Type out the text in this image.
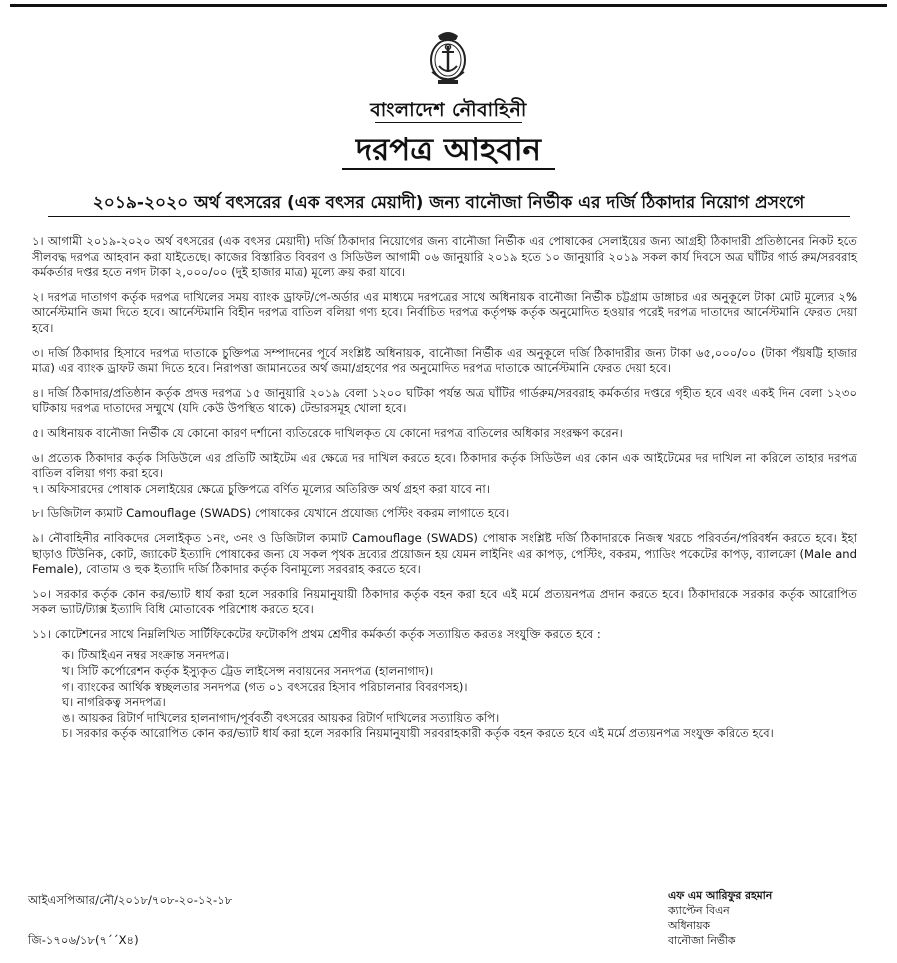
বাংলাদেশ নৌবাহিনী
দরপত্র আহবান
২০১৯-২০২০ অর্থ বৎসরের (এক বৎসর মেয়াদী) জন্য বানৌজা নির্ভীক এর দর্জি ঠিকাদার নিয়োগ প্রসংগে

১। আগামী ২০১৯-২০২০ অর্থ বৎসরের (এক বৎসর মেয়াদী) দর্জি ঠিকাদার নিয়োগের জন্য বানৌজা নির্ভীক এর পোষাকের সেলাইয়ের জন্য আগ্রহী ঠিকাদারী প্রতিষ্ঠানের নিকট হতে সীলবদ্ধ দরপত্র আহবান করা যাইতেছে। কাজের বিস্তারিত বিবরণ ও সিডিউল আগামী ০৬ জানুয়ারি ২০১৯ হতে ১০ জানুয়ারি ২০১৯ সকল কার্য দিবসে অত্র ঘাঁটির গার্ড রুম/সরবরাহ কর্মকর্তার দপ্তর হতে নগদ টাকা ২,০০০/০০ (দুই হাজার মাত্র) মূল্যে ক্রয় করা যাবে।

২। দরপত্র দাতাগণ কর্তৃক দরপত্র দাখিলের সময় ব্যাংক ড্রাফট/পে-অর্ডার এর মাধ্যমে দরপত্রের সাথে অধিনায়ক বানৌজা নির্ভীক চট্টগ্রাম ডাঙ্গাচর এর অনুকূলে টাকা মোট মূল্যের ২% আর্নেস্টমানি জমা দিতে হবে। আর্নেস্টমানি বিহীন দরপত্র বাতিল বলিয়া গণ্য হবে। নির্বাচিত দরপত্র কর্তৃপক্ষ কর্তৃক অনুমোদিত হওয়ার পরেই দরপত্র দাতাদের আর্নেস্টমানি ফেরত দেয়া হবে।

৩। দর্জি ঠিকাদার হিসাবে দরপত্র দাতাকে চুক্তিপত্র সম্পাদনের পূর্বে সংশ্লিষ্ট অধিনায়ক, বানৌজা নির্ভীক এর অনুকূলে দর্জি ঠিকাদারীর জন্য টাকা ৬৫,০০০/০০ (টাকা পঁয়ষট্টি হাজার মাত্র) এর ব্যাংক ড্রাফট জমা দিতে হবে। নিরাপত্তা জামানতের অর্থ জমা/গ্রহণের পর অনুমোদিত দরপত্র দাতাকে আর্নেস্টমানি ফেরত দেয়া হবে।

৪। দর্জি ঠিকাদার/প্রতিষ্ঠান কর্তৃক প্রদত্ত দরপত্র ১৫ জানুয়ারি ২০১৯ বেলা ১২০০ ঘটিকা পর্যন্ত অত্র ঘাঁটির গার্ডরুম/সরবরাহ কর্মকর্তার দপ্তরে গৃহীত হবে এবং একই দিন বেলা ১২৩০ ঘটিকায় দরপত্র দাতাদের সম্মুখে (যদি কেউ উপস্থিত থাকে) টেন্ডারসমূহ খোলা হবে।

৫। অধিনায়ক বানৌজা নির্ভীক যে কোনো কারণ দর্শানো ব্যতিরেকে দাখিলকৃত যে কোনো দরপত্র বাতিলের অধিকার সংরক্ষণ করেন।

৬। প্রত্যেক ঠিকাদার কর্তৃক সিডিউলে এর প্রতিটি আইটেম এর ক্ষেত্রে দর দাখিল করতে হবে। ঠিকাদার কর্তৃক সিডিউল এর কোন এক আইটেমের দর দাখিল না করিলে তাহার দরপত্র বাতিল বলিয়া গণ্য করা হবে।

৭। অফিসারদের পোষাক সেলাইয়ের ক্ষেত্রে চুক্তিপত্রে বর্ণিত মূল্যের অতিরিক্ত অর্থ গ্রহণ করা যাবে না।

৮। ডিজিটাল ক্যমাট Camouflage (SWADS) পোষাকের যেখানে প্রযোজ্য পেস্টিং বকরম লাগাতে হবে।

৯। নৌবাহিনীর নাবিকদের সেলাইকৃত ১নং, ৩নং ও ডিজিটাল ক্যমাট Camouflage (SWADS) পোষাক সংশ্লিষ্ট দর্জি ঠিকাদারকে নিজস্ব খরচে পরিবর্তন/পরিবর্ধন করতে হবে। ইহা ছাড়াও টিউনিক, কোট, জ্যাকেট ইত্যাদি পোষাকের জন্য যে সকল পৃথক দ্রব্যের প্রয়োজন হয় যেমন লাইনিং এর কাপড়, পেস্টিং, বকরম, প্যাডিং পকেটের কাপড়, ব্যালক্রো (Male and Female), বোতাম ও হুক ইত্যাদি দর্জি ঠিকাদার কর্তৃক বিনামূল্যে সরবরাহ করতে হবে।

১০। সরকার কর্তৃক কোন কর/ভ্যাট ধার্য করা হলে সরকারি নিয়মানুযায়ী ঠিকাদার কর্তৃক বহন করা হবে এই মর্মে প্রত্যয়নপত্র প্রদান করতে হবে। ঠিকাদারকে সরকার কর্তৃক আরোপিত সকল ভ্যাট/ট্যাক্স ইত্যাদি বিধি মোতাবেক পরিশোধ করতে হবে।

১১। কোটেশনের সাথে নিম্নলিখিত সার্টিফিকেটের ফটোকপি প্রথম শ্রেণীর কর্মকর্তা কর্তৃক সত্যায়িত করতঃ সংযুক্তি করতে হবে :

ক। টিআইএন নম্বর সংক্রান্ত সনদপত্র।
খ। সিটি কর্পোরেশন কর্তৃক ইস্যুকৃত ট্রেড লাইসেন্স নবায়নের সনদপত্র (হালনাগাদ)।
গ। ব্যাংকের আর্থিক স্বচ্ছলতার সনদপত্র (গত ০১ বৎসরের হিসাব পরিচালনার বিবরণসহ)।
ঘ। নাগরিকত্ব সনদপত্র।
ঙ। আয়কর রিটার্ণ দাখিলের হালনাগাদ/পূর্ববর্তী বৎসরের আয়কর রিটার্ণ দাখিলের সত্যায়িত কপি।
চ। সরকার কর্তৃক আরোপিত কোন কর/ভ্যাট ধার্য করা হলে সরকারি নিয়মানুযায়ী সরবরাহকারী কর্তৃক বহন করতে হবে এই মর্মে প্রত্যয়নপত্র সংযুক্ত করিতে হবে।
আইএসপিআর/নৌ/২০১৮/৭০৮-২০-১২-১৮
জি-১৭০৬/১৮(৭´´X৪)
এফ এম আরিফুর রহমান
ক্যাপ্টেন বিএন
অধিনায়ক
বানৌজা নির্ভীক
